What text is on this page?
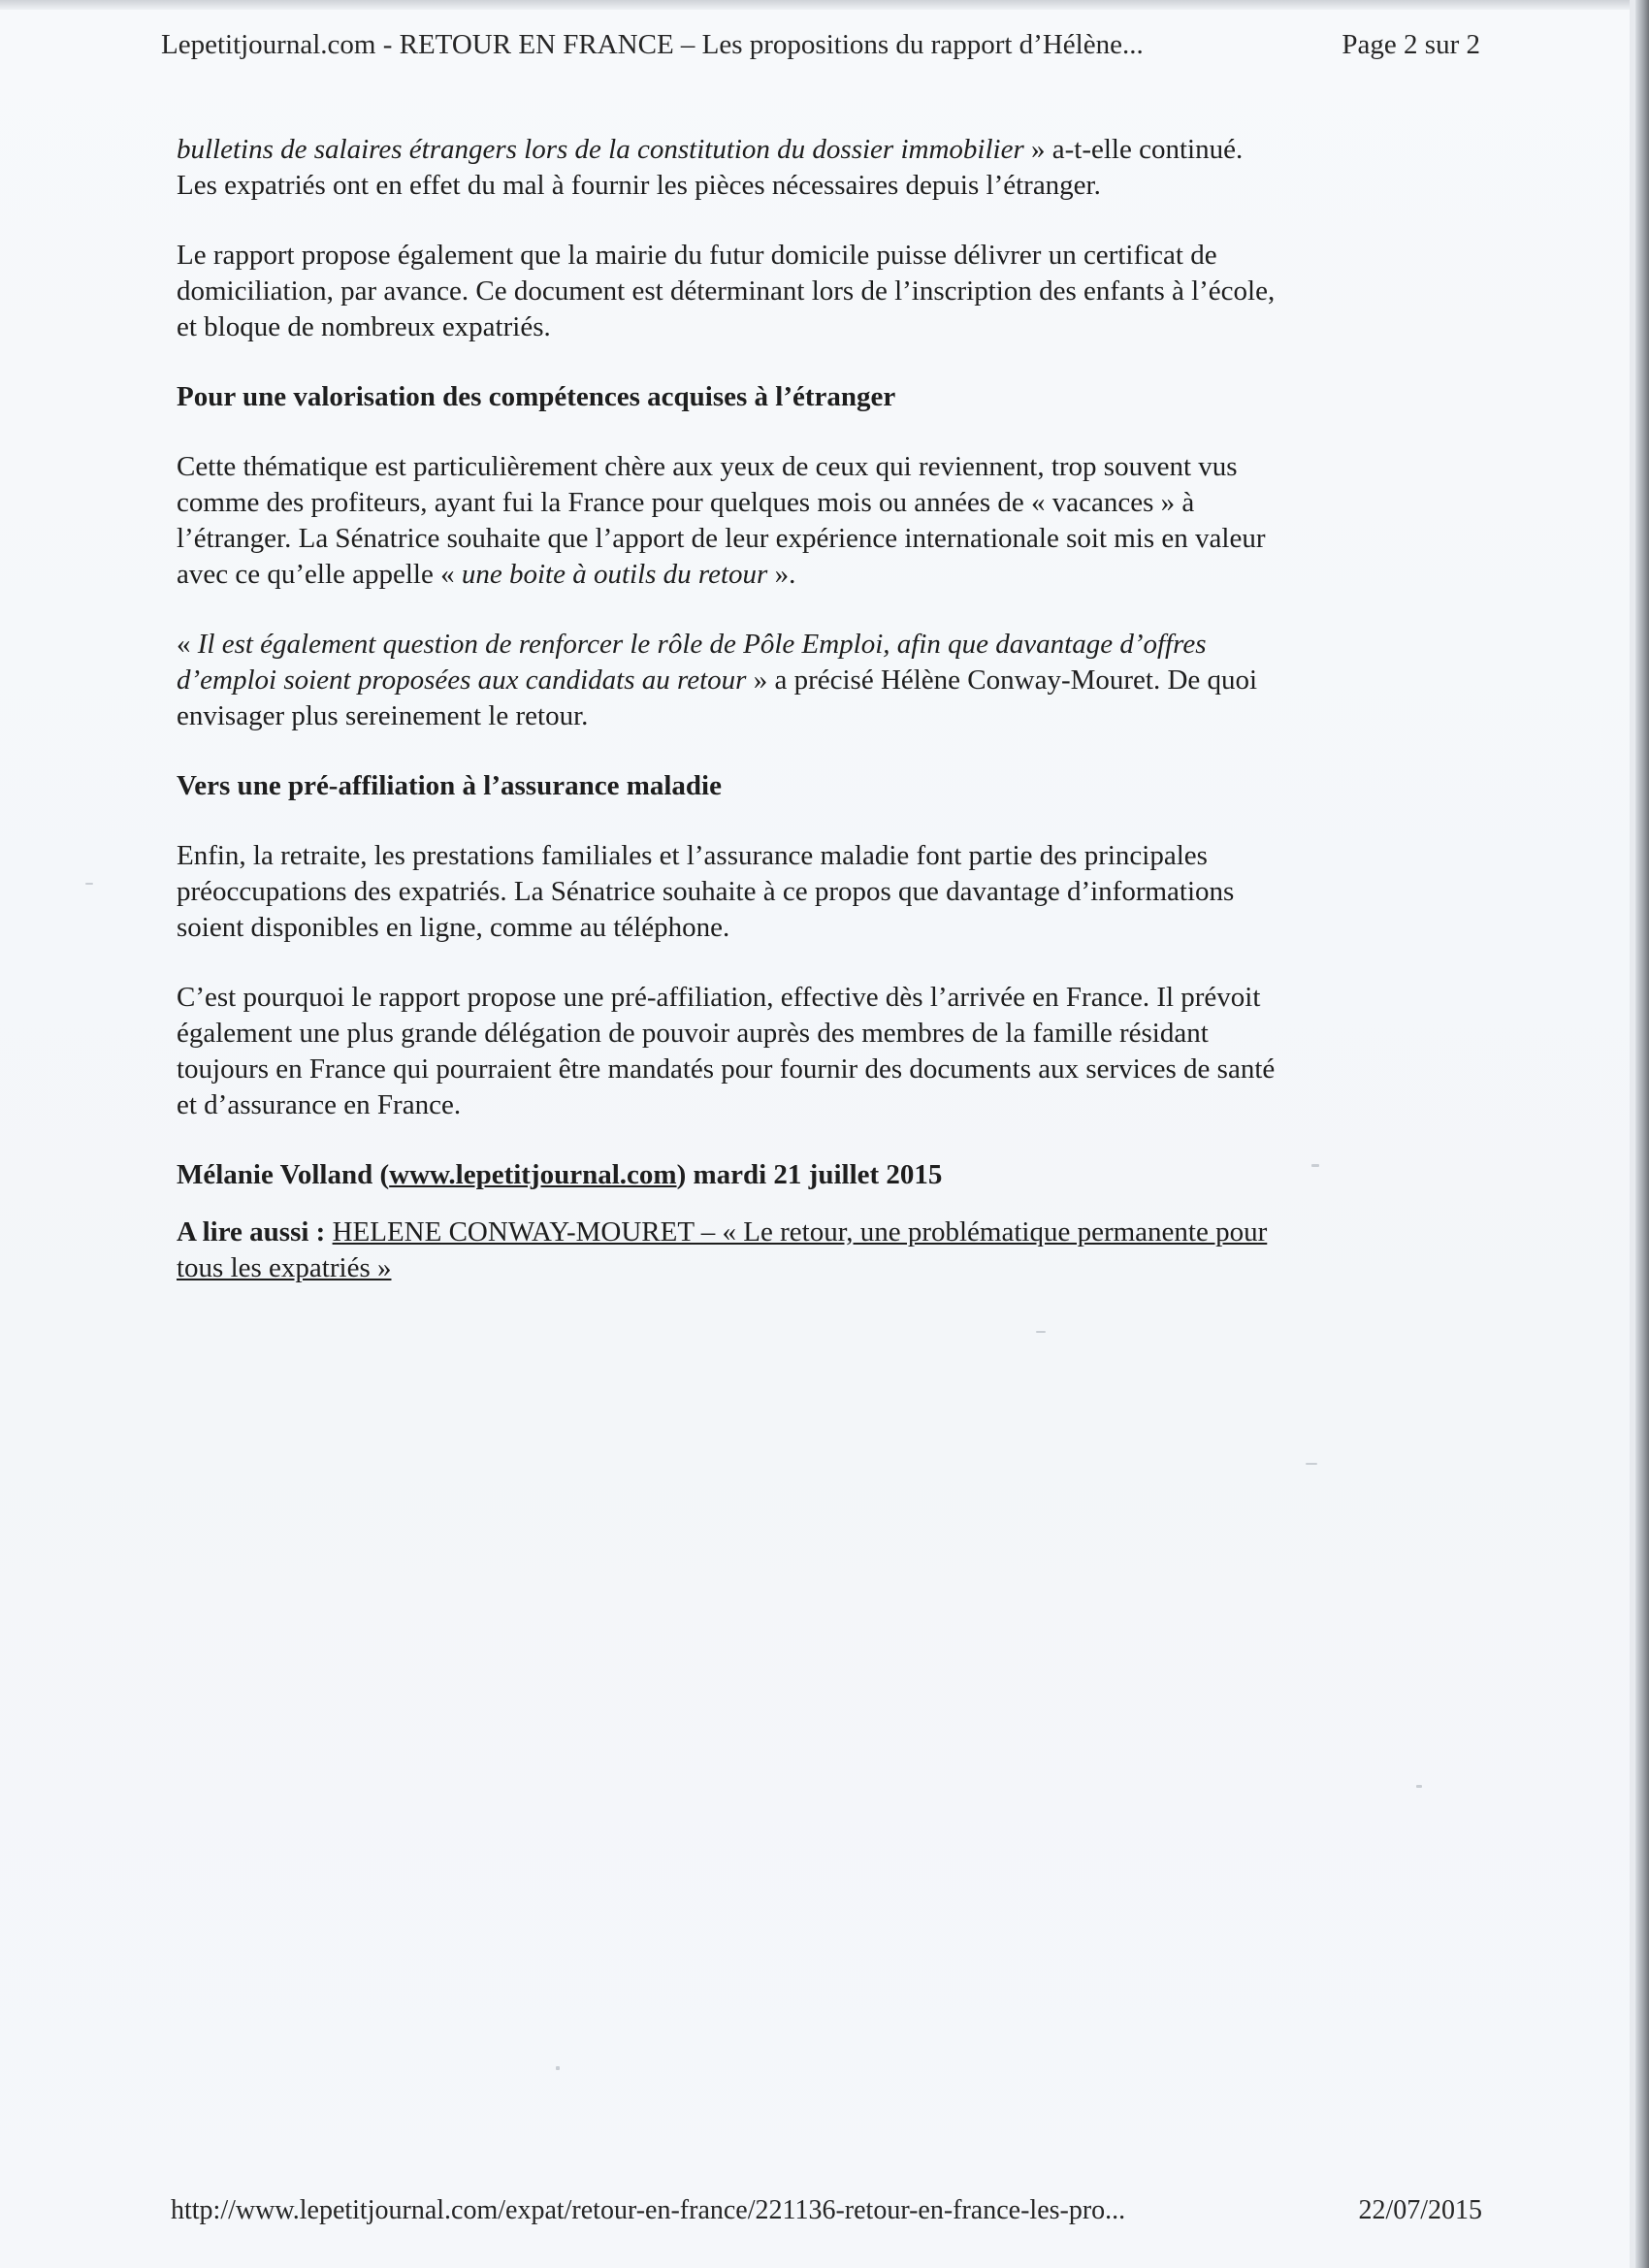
Lepetitjournal.com - RETOUR EN FRANCE – Les propositions du rapport d’Hélène...	Page 2 sur 2

bulletins de salaires étrangers lors de la constitution du dossier immobilier » a-t-elle continué.
Les expatriés ont en effet du mal à fournir les pièces nécessaires depuis l’étranger.

Le rapport propose également que la mairie du futur domicile puisse délivrer un certificat de
domiciliation, par avance. Ce document est déterminant lors de l’inscription des enfants à l’école,
et bloque de nombreux expatriés.

Pour une valorisation des compétences acquises à l’étranger

Cette thématique est particulièrement chère aux yeux de ceux qui reviennent, trop souvent vus
comme des profiteurs, ayant fui la France pour quelques mois ou années de « vacances » à
l’étranger. La Sénatrice souhaite que l’apport de leur expérience internationale soit mis en valeur
avec ce qu’elle appelle « une boite à outils du retour ».

« Il est également question de renforcer le rôle de Pôle Emploi, afin que davantage d’offres
d’emploi soient proposées aux candidats au retour » a précisé Hélène Conway-Mouret. De quoi
envisager plus sereinement le retour.

Vers une pré-affiliation à l’assurance maladie

Enfin, la retraite, les prestations familiales et l’assurance maladie font partie des principales
préoccupations des expatriés. La Sénatrice souhaite à ce propos que davantage d’informations
soient disponibles en ligne, comme au téléphone.

C’est pourquoi le rapport propose une pré-affiliation, effective dès l’arrivée en France. Il prévoit
également une plus grande délégation de pouvoir auprès des membres de la famille résidant
toujours en France qui pourraient être mandatés pour fournir des documents aux services de santé
et d’assurance en France.

Mélanie Volland (www.lepetitjournal.com) mardi 21 juillet 2015

A lire aussi : HELENE CONWAY-MOURET – « Le retour, une problématique permanente pour
tous les expatriés »

http://www.lepetitjournal.com/expat/retour-en-france/221136-retour-en-france-les-pro...	22/07/2015
